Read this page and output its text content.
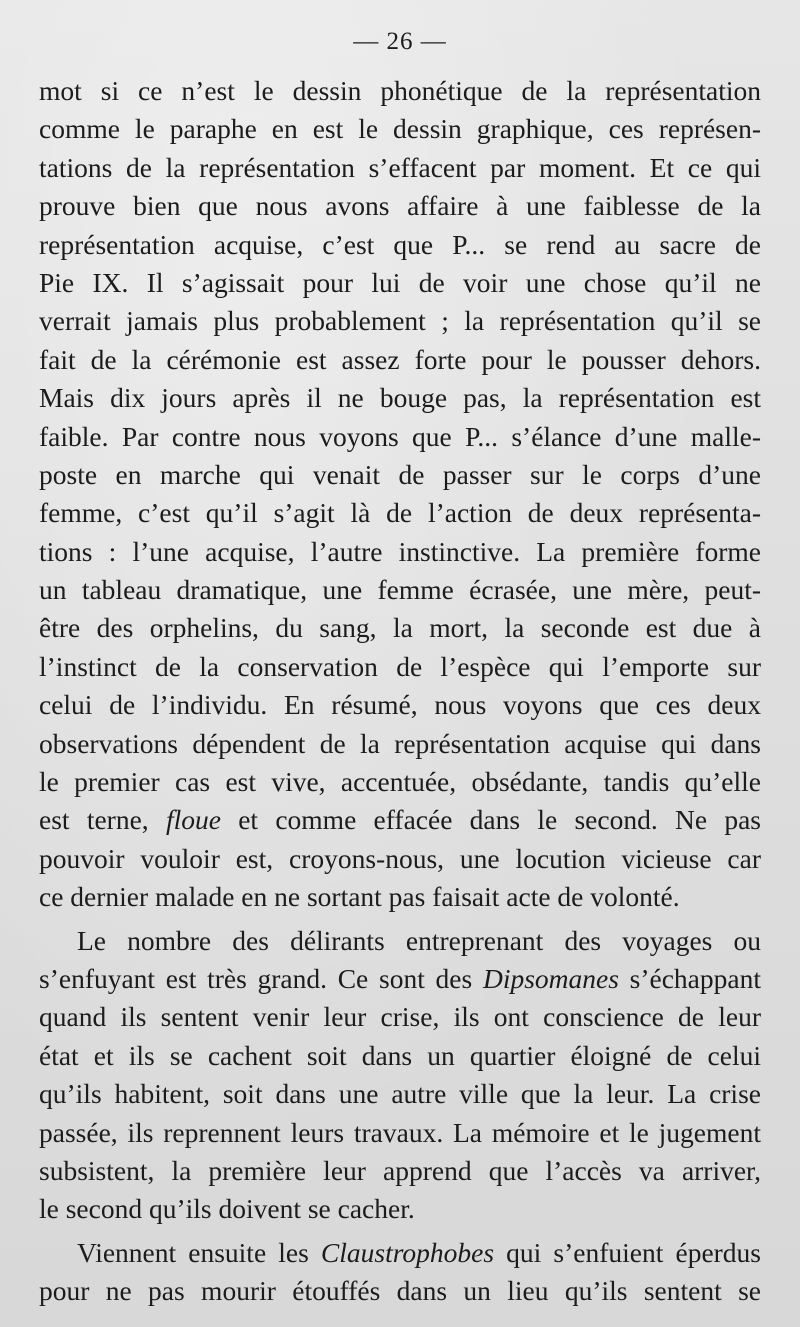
— 26 —
mot si ce n’est le dessin phonétique de la représentation
comme le paraphe en est le dessin graphique, ces représen-
tations de la représentation s’effacent par moment. Et ce qui
prouve bien que nous avons affaire à une faiblesse de la
représentation acquise, c’est que P... se rend au sacre de
Pie IX. Il s’agissait pour lui de voir une chose qu’il ne
verrait jamais plus probablement ; la représentation qu’il se
fait de la cérémonie est assez forte pour le pousser dehors.
Mais dix jours après il ne bouge pas, la représentation est
faible. Par contre nous voyons que P... s’élance d’une malle-
poste en marche qui venait de passer sur le corps d’une
femme, c’est qu’il s’agit là de l’action de deux représenta-
tions : l’une acquise, l’autre instinctive. La première forme
un tableau dramatique, une femme écrasée, une mère, peut-
être des orphelins, du sang, la mort, la seconde est due à
l’instinct de la conservation de l’espèce qui l’emporte sur
celui de l’individu. En résumé, nous voyons que ces deux
observations dépendent de la représentation acquise qui dans
le premier cas est vive, accentuée, obsédante, tandis qu’elle
est terne, floue et comme effacée dans le second. Ne pas
pouvoir vouloir est, croyons-nous, une locution vicieuse car
ce dernier malade en ne sortant pas faisait acte de volonté.
Le nombre des délirants entreprenant des voyages ou
s’enfuyant est très grand. Ce sont des Dipsomanes s’échappant
quand ils sentent venir leur crise, ils ont conscience de leur
état et ils se cachent soit dans un quartier éloigné de celui
qu’ils habitent, soit dans une autre ville que la leur. La crise
passée, ils reprennent leurs travaux. La mémoire et le jugement
subsistent, la première leur apprend que l’accès va arriver,
le second qu’ils doivent se cacher.
Viennent ensuite les Claustrophobes qui s’enfuient éperdus
pour ne pas mourir étouffés dans un lieu qu’ils sentent se
